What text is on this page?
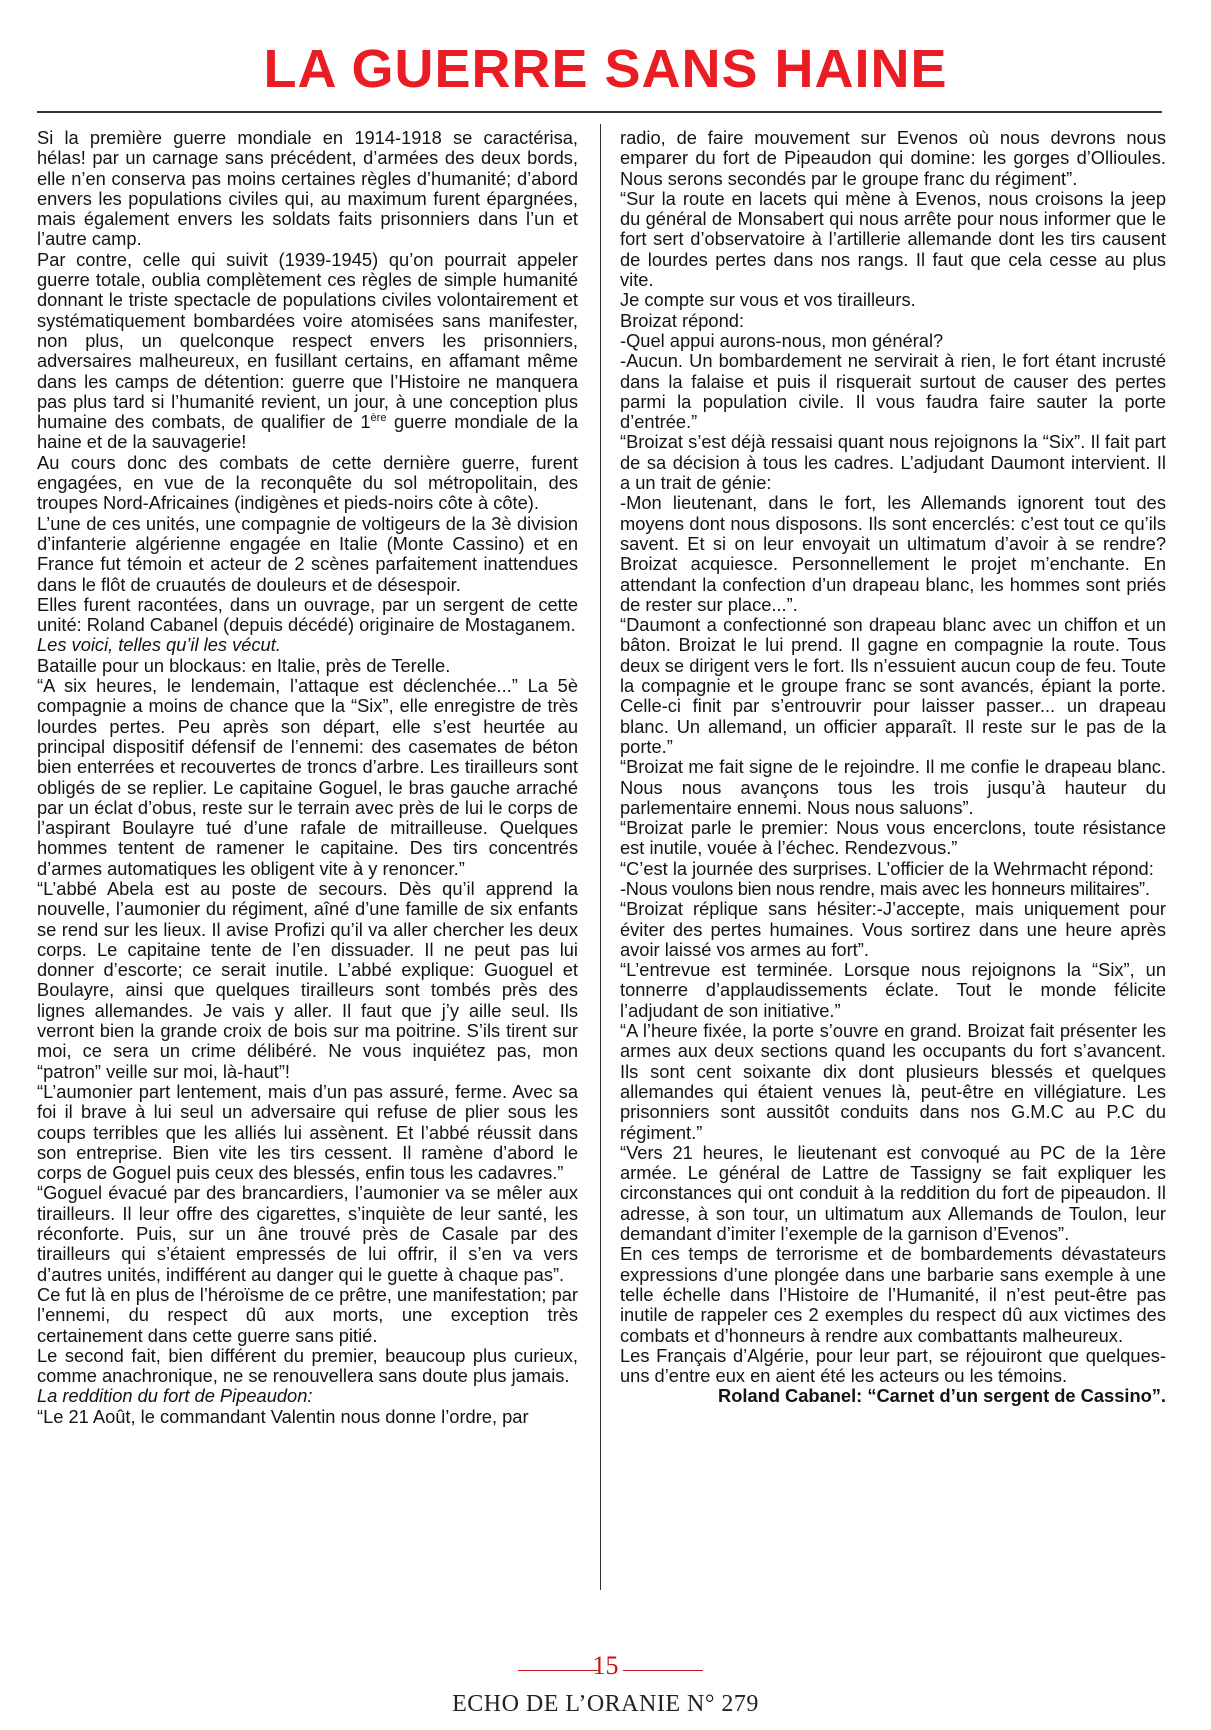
LA GUERRE SANS HAINE

Si la première guerre mondiale en 1914-1918 se caractérisa, hélas! par un carnage sans précédent, d’armées des deux bords, elle n’en conserva pas moins certaines règles d’humanité; d’abord envers les populations civiles qui, au maximum furent épargnées, mais également envers les soldats faits prisonniers dans l’un et l’autre camp.

Par contre, celle qui suivit (1939-1945) qu’on pourrait appeler guerre totale, oublia complètement ces règles de simple humanité donnant le triste spectacle de populations civiles volontairement et systématiquement bombardées voire atomisées sans manifester, non plus, un quelconque respect envers les prisonniers, adversaires malheureux, en fusillant certains, en affamant même dans les camps de détention: guerre que l’Histoire ne manquera pas plus tard si l’humanité revient, un jour, à une conception plus humaine des combats, de qualifier de 1ère guerre mondiale de la haine et de la sauvagerie!

Au cours donc des combats de cette dernière guerre, furent engagées, en vue de la reconquête du sol métropolitain, des troupes Nord-Africaines (indigènes et pieds-noirs côte à côte).

L’une de ces unités, une compagnie de voltigeurs de la 3è division d’infanterie algérienne engagée en Italie (Monte Cassino) et en France fut témoin et acteur de 2 scènes parfaitement inattendues dans le flôt de cruautés de douleurs et de désespoir.

Elles furent racontées, dans un ouvrage, par un sergent de cette unité: Roland Cabanel (depuis décédé) originaire de Mostaganem.

Les voici, telles qu’il les vécut.

Bataille pour un blockaus: en Italie, près de Terelle.

“A six heures, le lendemain, l’attaque est déclenchée...” La 5è compagnie a moins de chance que la “Six”, elle enregistre de très lourdes pertes. Peu après son départ, elle s’est heurtée au principal dispositif défensif de l’ennemi: des casemates de béton bien enterrées et recouvertes de troncs d’arbre. Les tirailleurs sont obligés de se replier. Le capitaine Goguel, le bras gauche arraché par un éclat d’obus, reste sur le terrain avec près de lui le corps de l’aspirant Boulayre tué d’une rafale de mitrailleuse. Quelques hommes tentent de ramener le capitaine. Des tirs concentrés d’armes automatiques les obligent vite à y renoncer.”

“L’abbé Abela est au poste de secours. Dès qu’il apprend la nouvelle, l’aumonier du régiment, aîné d’une famille de six enfants se rend sur les lieux. Il avise Profizi qu’il va aller chercher les deux corps. Le capitaine tente de l’en dissuader. Il ne peut pas lui donner d’escorte; ce serait inutile. L’abbé explique: Guoguel et Boulayre, ainsi que quelques tirailleurs sont tombés près des lignes allemandes. Je vais y aller. Il faut que j’y aille seul. Ils verront bien la grande croix de bois sur ma poitrine. S’ils tirent sur moi, ce sera un crime délibéré. Ne vous inquiétez pas, mon “patron” veille sur moi, là-haut”!

“L’aumonier part lentement, mais d’un pas assuré, ferme. Avec sa foi il brave à lui seul un adversaire qui refuse de plier sous les coups terribles que les alliés lui assènent. Et l’abbé réussit dans son entreprise. Bien vite les tirs cessent. Il ramène d’abord le corps de Goguel puis ceux des blessés, enfin tous les cadavres.”

“Goguel évacué par des brancardiers, l’aumonier va se mêler aux tirailleurs. Il leur offre des cigarettes, s’inquiète de leur santé, les réconforte. Puis, sur un âne trouvé près de Casale par des tirailleurs qui s’étaient empressés de lui offrir, il s’en va vers d’autres unités, indifférent au danger qui le guette à chaque pas”.

Ce fut là en plus de l’héroïsme de ce prêtre, une manifestation; par l’ennemi, du respect dû aux morts, une exception très certainement dans cette guerre sans pitié.

Le second fait, bien différent du premier, beaucoup plus curieux, comme anachronique, ne se renouvellera sans doute plus jamais.

La reddition du fort de Pipeaudon:

“Le 21 Août, le commandant Valentin nous donne l’ordre, par

radio, de faire mouvement sur Evenos où nous devrons nous emparer du fort de Pipeaudon qui domine: les gorges d’Ollioules. Nous serons secondés par le groupe franc du régiment”.

“Sur la route en lacets qui mène à Evenos, nous croisons la jeep du général de Monsabert qui nous arrête pour nous informer que le fort sert d’observatoire à l’artillerie allemande dont les tirs causent de lourdes pertes dans nos rangs. Il faut que cela cesse au plus vite.

Je compte sur vous et vos tirailleurs.

Broizat répond:

-Quel appui aurons-nous, mon général?

-Aucun. Un bombardement ne servirait à rien, le fort étant incrusté dans la falaise et puis il risquerait surtout de causer des pertes parmi la population civile. Il vous faudra faire sauter la porte d’entrée.”

“Broizat s’est déjà ressaisi quant nous rejoignons la “Six”. Il fait part de sa décision à tous les cadres. L’adjudant Daumont intervient. Il a un trait de génie:

-Mon lieutenant, dans le fort, les Allemands ignorent tout des moyens dont nous disposons. Ils sont encerclés: c’est tout ce qu’ils savent. Et si on leur envoyait un ultimatum d’avoir à se rendre? Broizat acquiesce. Personnellement le projet m’enchante. En attendant la confection d’un drapeau blanc, les hommes sont priés de rester sur place...”.

“Daumont a confectionné son drapeau blanc avec un chiffon et un bâton. Broizat le lui prend. Il gagne en compagnie la route. Tous deux se dirigent vers le fort. Ils n’essuient aucun coup de feu. Toute la compagnie et le groupe franc se sont avancés, épiant la porte. Celle-ci finit par s’entrouvrir pour laisser passer... un drapeau blanc. Un allemand, un officier apparaît. Il reste sur le pas de la porte.”

“Broizat me fait signe de le rejoindre. Il me confie le drapeau blanc. Nous nous avançons tous les trois jusqu’à hauteur du parlementaire ennemi. Nous nous saluons”.

“Broizat parle le premier: Nous vous encerclons, toute résistance est inutile, vouée à l’échec. Rendezvous.”

“C’est la journée des surprises. L’officier de la Wehrmacht répond:

-Nous voulons bien nous rendre, mais avec les honneurs militaires”.

“Broizat réplique sans hésiter:-J’accepte, mais uniquement pour éviter des pertes humaines. Vous sortirez dans une heure après avoir laissé vos armes au fort”.

“L’entrevue est terminée. Lorsque nous rejoignons la “Six”, un tonnerre d’applaudissements éclate. Tout le monde félicite l’adjudant de son initiative.”

“A l’heure fixée, la porte s’ouvre en grand. Broizat fait présenter les armes aux deux sections quand les occupants du fort s’avancent. Ils sont cent soixante dix dont plusieurs blessés et quelques allemandes qui étaient venues là, peut-être en villégiature. Les prisonniers sont aussitôt conduits dans nos G.M.C au P.C du régiment.”

“Vers 21 heures, le lieutenant est convoqué au PC de la 1ère armée. Le général de Lattre de Tassigny se fait expliquer les circonstances qui ont conduit à la reddition du fort de pipeaudon. Il adresse, à son tour, un ultimatum aux Allemands de Toulon, leur demandant d’imiter l’exemple de la garnison d’Evenos”.

En ces temps de terrorisme et de bombardements dévastateurs expressions d’une plongée dans une barbarie sans exemple à une telle échelle dans l’Histoire de l’Humanité, il n’est peut-être pas inutile de rappeler ces 2 exemples du respect dû aux victimes des combats et d’honneurs à rendre aux combattants malheureux.

Les Français d’Algérie, pour leur part, se réjouiront que quelques-uns d’entre eux en aient été les acteurs ou les témoins.

Roland Cabanel: “Carnet d’un sergent de Cassino”.

15
ECHO DE L’ORANIE N° 279
